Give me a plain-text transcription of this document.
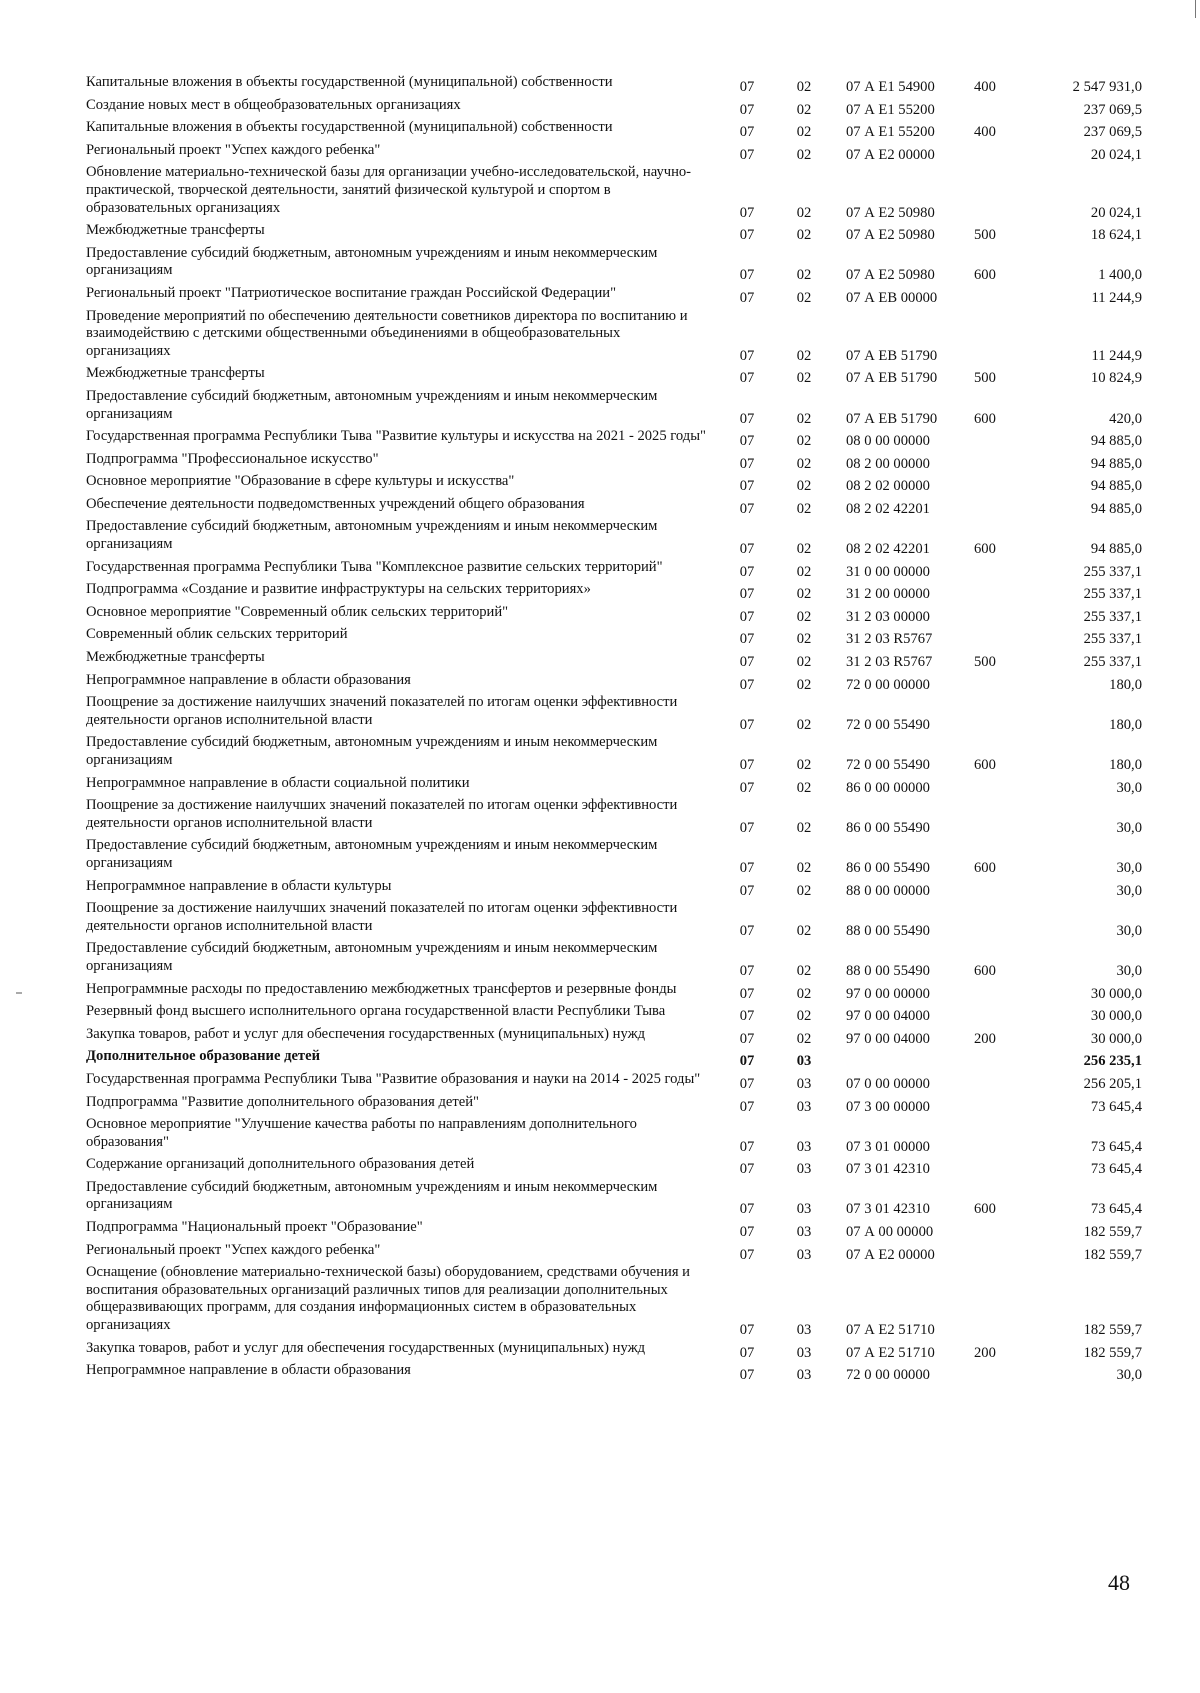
Капитальные вложения в объекты государственной (муниципальной) собственности	07	02	07 А Е1 54900	400	2 547 931,0
Создание новых мест в общеобразовательных организациях	07	02	07 А Е1 55200		237 069,5
Капитальные вложения в объекты государственной (муниципальной) собственности	07	02	07 А Е1 55200	400	237 069,5
Региональный проект "Успех каждого ребенка"	07	02	07 А Е2 00000		20 024,1
Обновление материально-технической базы для организации учебно-исследовательской, научно-практической, творческой деятельности, занятий физической культурой и спортом в образовательных организациях	07	02	07 А Е2 50980		20 024,1
Межбюджетные трансферты	07	02	07 А Е2 50980	500	18 624,1
Предоставление субсидий бюджетным, автономным учреждениям и иным некоммерческим организациям	07	02	07 А Е2 50980	600	1 400,0
Региональный проект "Патриотическое воспитание граждан Российской Федерации"	07	02	07 А ЕВ 00000		11 244,9
Проведение мероприятий по обеспечению деятельности советников директора по воспитанию и взаимодействию с детскими общественными объединениями в общеобразовательных организациях	07	02	07 А ЕВ 51790		11 244,9
Межбюджетные трансферты	07	02	07 А ЕВ 51790	500	10 824,9
Предоставление субсидий бюджетным, автономным учреждениям и иным некоммерческим организациям	07	02	07 А ЕВ 51790	600	420,0
Государственная программа Республики Тыва "Развитие культуры и искусства на 2021 - 2025 годы"	07	02	08 0 00 00000		94 885,0
Подпрограмма "Профессиональное искусство"	07	02	08 2 00 00000		94 885,0
Основное мероприятие "Образование в сфере культуры и искусства"	07	02	08 2 02 00000		94 885,0
Обеспечение деятельности подведомственных учреждений общего образования	07	02	08 2 02 42201		94 885,0
Предоставление субсидий бюджетным, автономным учреждениям и иным некоммерческим организациям	07	02	08 2 02 42201	600	94 885,0
Государственная программа Республики Тыва "Комплексное развитие сельских территорий"	07	02	31 0 00 00000		255 337,1
Подпрограмма «Создание и развитие инфраструктуры на сельских территориях»	07	02	31 2 00 00000		255 337,1
Основное мероприятие "Современный облик сельских территорий"	07	02	31 2 03 00000		255 337,1
Современный облик сельских территорий	07	02	31 2 03 R5767		255 337,1
Межбюджетные трансферты	07	02	31 2 03 R5767	500	255 337,1
Непрограммное направление в области образования	07	02	72 0 00 00000		180,0
Поощрение за достижение наилучших значений показателей по итогам оценки эффективности деятельности органов исполнительной власти	07	02	72 0 00 55490		180,0
Предоставление субсидий бюджетным, автономным учреждениям и иным некоммерческим организациям	07	02	72 0 00 55490	600	180,0
Непрограммное направление в области социальной политики	07	02	86 0 00 00000		30,0
Поощрение за достижение наилучших значений показателей по итогам оценки эффективности деятельности органов исполнительной власти	07	02	86 0 00 55490		30,0
Предоставление субсидий бюджетным, автономным учреждениям и иным некоммерческим организациям	07	02	86 0 00 55490	600	30,0
Непрограммное направление в области культуры	07	02	88 0 00 00000		30,0
Поощрение за достижение наилучших значений показателей по итогам оценки эффективности деятельности органов исполнительной власти	07	02	88 0 00 55490		30,0
Предоставление субсидий бюджетным, автономным учреждениям и иным некоммерческим организациям	07	02	88 0 00 55490	600	30,0
Непрограммные расходы по предоставлению межбюджетных трансфертов и резервные фонды	07	02	97 0 00 00000		30 000,0
Резервный фонд высшего исполнительного органа государственной власти Республики Тыва	07	02	97 0 00 04000		30 000,0
Закупка товаров, работ и услуг для обеспечения государственных (муниципальных) нужд	07	02	97 0 00 04000	200	30 000,0
Дополнительное образование детей	07	03			256 235,1
Государственная программа Республики Тыва "Развитие образования и науки на 2014 - 2025 годы"	07	03	07 0 00 00000		256 205,1
Подпрограмма "Развитие дополнительного образования детей"	07	03	07 3 00 00000		73 645,4
Основное мероприятие "Улучшение качества работы по направлениям дополнительного образования"	07	03	07 3 01 00000		73 645,4
Содержание организаций дополнительного образования детей	07	03	07 3 01 42310		73 645,4
Предоставление субсидий бюджетным, автономным учреждениям и иным некоммерческим организациям	07	03	07 3 01 42310	600	73 645,4
Подпрограмма "Национальный проект "Образование"	07	03	07 А 00 00000		182 559,7
Региональный проект "Успех каждого ребенка"	07	03	07 А Е2 00000		182 559,7
Оснащение (обновление материально-технической базы) оборудованием, средствами обучения и воспитания образовательных организаций различных типов для реализации дополнительных общеразвивающих программ, для создания информационных систем в образовательных организациях	07	03	07 А Е2 51710		182 559,7
Закупка товаров, работ и услуг для обеспечения государственных (муниципальных) нужд	07	03	07 А Е2 51710	200	182 559,7
Непрограммное направление в области образования	07	03	72 0 00 00000		30,0
48
